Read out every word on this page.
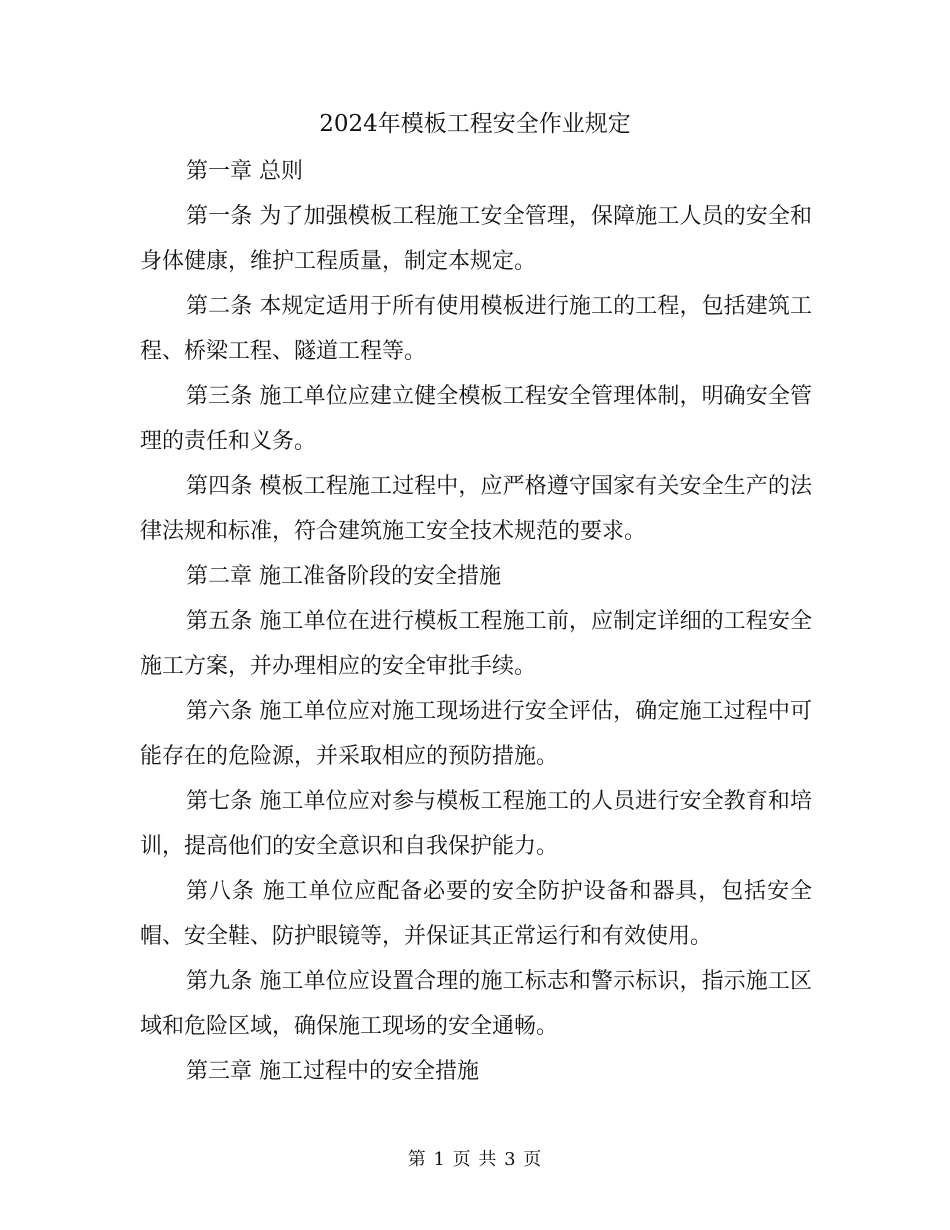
2024年模板工程安全作业规定

第一章 总则

第一条 为了加强模板工程施工安全管理，保障施工人员的安全和身体健康，维护工程质量，制定本规定。

第二条 本规定适用于所有使用模板进行施工的工程，包括建筑工程、桥梁工程、隧道工程等。

第三条 施工单位应建立健全模板工程安全管理体制，明确安全管理的责任和义务。

第四条 模板工程施工过程中，应严格遵守国家有关安全生产的法律法规和标准，符合建筑施工安全技术规范的要求。

第二章 施工准备阶段的安全措施

第五条 施工单位在进行模板工程施工前，应制定详细的工程安全施工方案，并办理相应的安全审批手续。

第六条 施工单位应对施工现场进行安全评估，确定施工过程中可能存在的危险源，并采取相应的预防措施。

第七条 施工单位应对参与模板工程施工的人员进行安全教育和培训，提高他们的安全意识和自我保护能力。

第八条 施工单位应配备必要的安全防护设备和器具，包括安全帽、安全鞋、防护眼镜等，并保证其正常运行和有效使用。

第九条 施工单位应设置合理的施工标志和警示标识，指示施工区域和危险区域，确保施工现场的安全通畅。

第三章 施工过程中的安全措施

第 1 页 共 3 页
